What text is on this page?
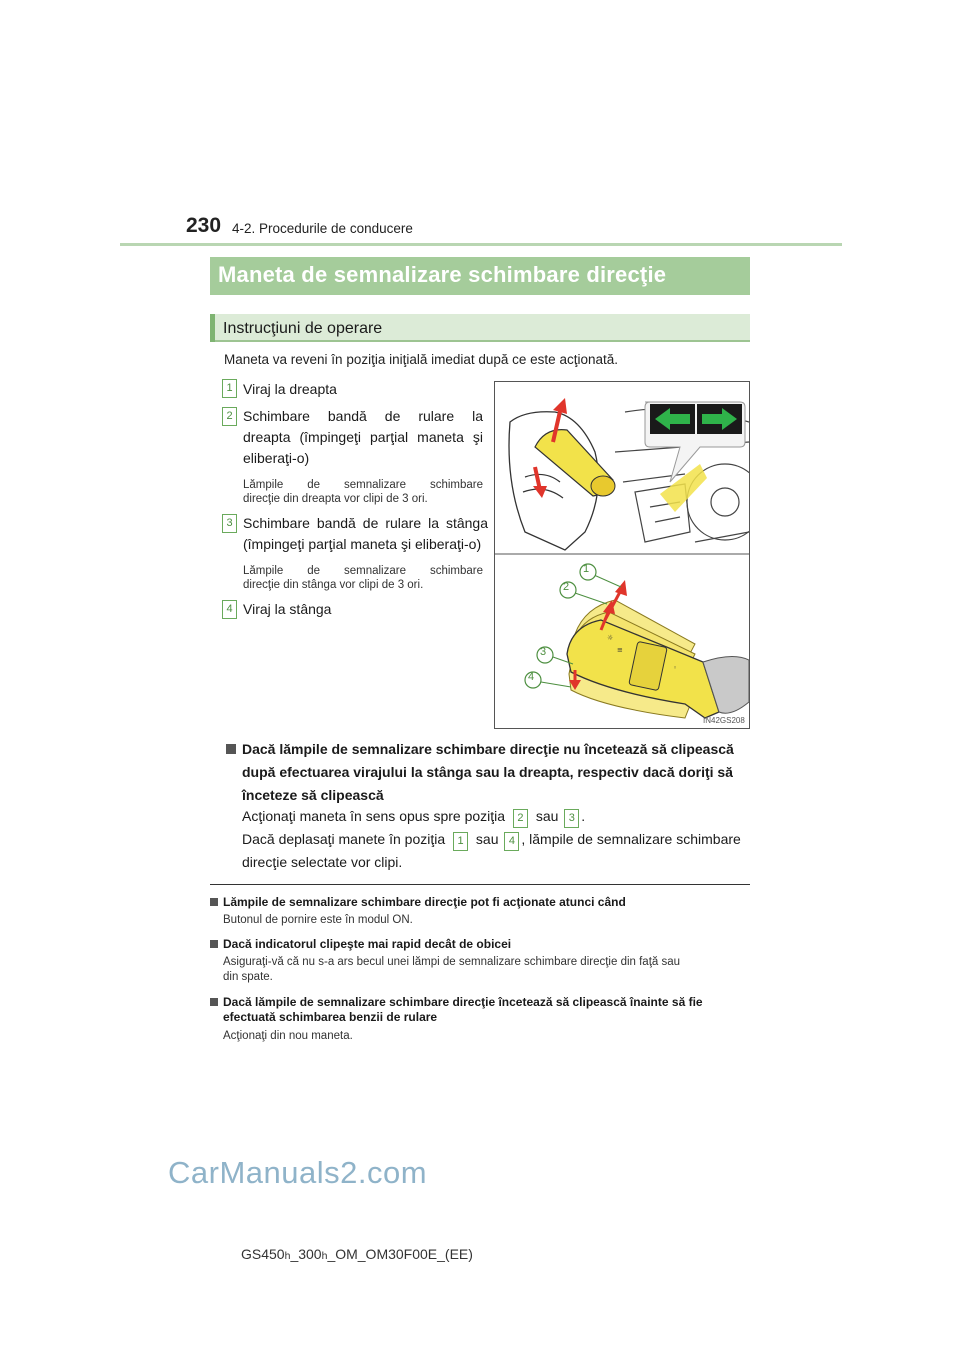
230 4-2. Procedurile de conducere
Maneta de semnalizare schimbare direcţie
Instrucţiuni de operare
Maneta va reveni în poziţia iniţială imediat după ce este acţionată.
1 Viraj la dreapta
2 Schimbare bandă de rulare la
dreapta (împingeţi parţial maneta şi
eliberaţi-o)
Lămpile de semnalizare schimbare
direcţie din dreapta vor clipi de 3 ori.
3 Schimbare bandă de rulare la stânga
(împingeţi parţial maneta şi eliberaţi-o)
Lămpile de semnalizare schimbare
direcţie din stânga vor clipi de 3 ori.
4 Viraj la stânga
☼
≡
◦
1
2
3
4
IN42GS208
Dacă lămpile de semnalizare schimbare direcţie nu încetează să clipească
după efectuarea virajului la stânga sau la dreapta, respectiv dacă doriţi să
înceteze să clipească
Acţionaţi maneta în sens opus spre poziţia 2 sau 3 .
Dacă deplasaţi manete în poziţia 1 sau 4 , lămpile de semnalizare schimbare
direcţie selectate vor clipi.
Lămpile de semnalizare schimbare direcţie pot fi acţionate atunci când
Butonul de pornire este în modul ON.
Dacă indicatorul clipeşte mai rapid decât de obicei
Asiguraţi-vă că nu s-a ars becul unei lămpi de semnalizare schimbare direcţie din faţă sau
din spate.
Dacă lămpile de semnalizare schimbare direcţie încetează să clipească înainte să fie
efectuată schimbarea benzii de rulare
Acţionaţi din nou maneta.
CarManuals2.com
GS450h_300h_OM_OM30F00E_(EE)
